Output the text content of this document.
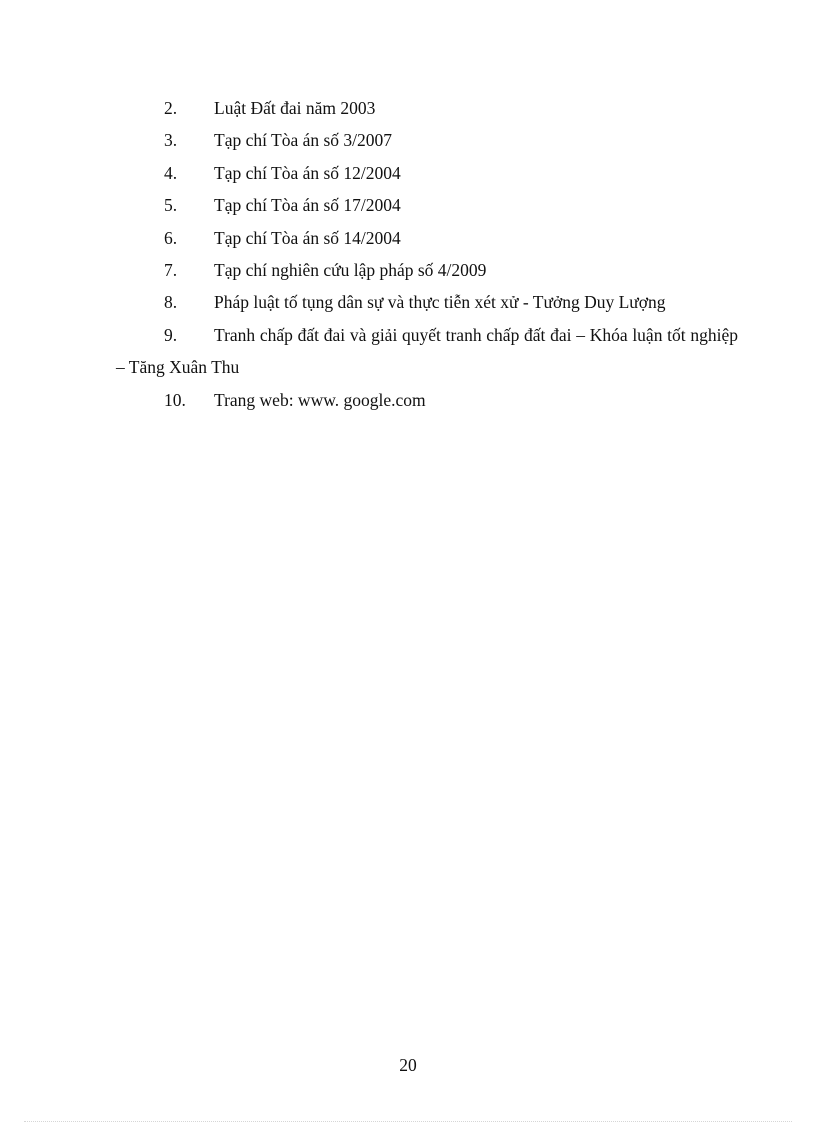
2. Luật Đất đai năm 2003
3. Tạp chí Tòa án số 3/2007
4. Tạp chí Tòa án số 12/2004
5. Tạp chí Tòa án số 17/2004
6. Tạp chí Tòa án số 14/2004
7. Tạp chí nghiên cứu lập pháp số 4/2009
8. Pháp luật tố tụng dân sự và thực tiễn xét xử - Tưởng Duy Lượng
9.	Tranh chấp đất đai và giải quyết tranh chấp đất đai – Khóa luận tốt nghiệp – Tăng Xuân Thu
10. Trang web: www. google.com
20
